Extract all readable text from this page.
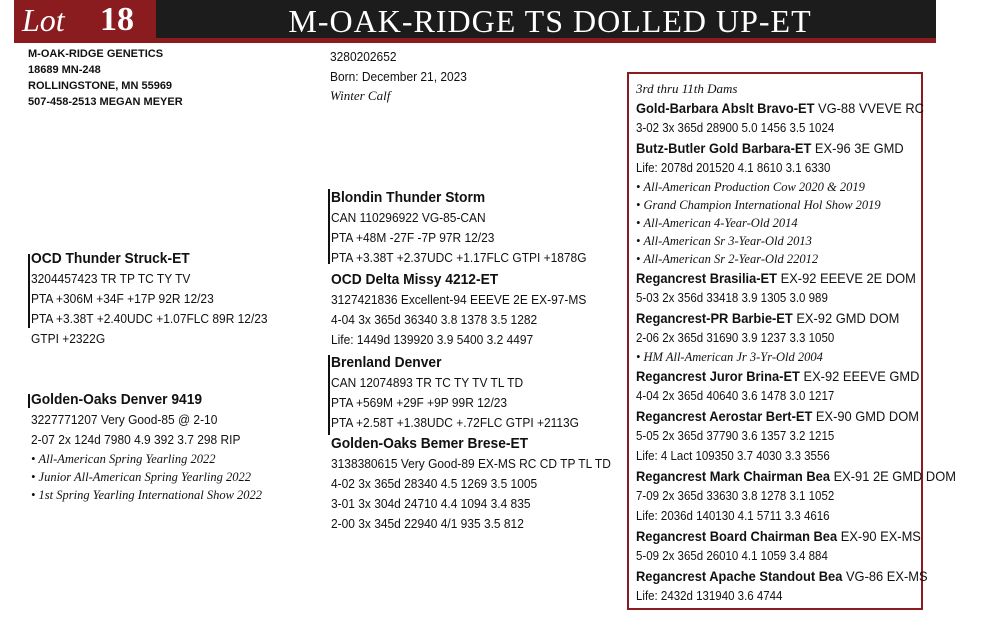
Lot 18	M-OAK-RIDGE TS DOLLED UP-ET
M-OAK-RIDGE GENETICS
18689 MN-248
ROLLINGSTONE, MN 55969
507-458-2513 MEGAN MEYER
3280202652
Born: December 21, 2023
Winter Calf
OCD Thunder Struck-ET
3204457423 TR TP TC TY TV
PTA +306M +34F +17P 92R 12/23
PTA +3.38T +2.40UDC +1.07FLC 89R 12/23
GTPI +2322G
Golden-Oaks Denver 9419
3227771207 Very Good-85 @ 2-10
2-07 2x 124d 7980 4.9 392 3.7 298 RIP
• All-American Spring Yearling 2022
• Junior All-American Spring Yearling 2022
• 1st Spring Yearling International Show 2022
Blondin Thunder Storm
CAN 110296922 VG-85-CAN
PTA +48M -27F -7P 97R 12/23
PTA +3.38T +2.37UDC +1.17FLC GTPI +1878G
OCD Delta Missy 4212-ET
3127421836 Excellent-94 EEEVE 2E EX-97-MS
4-04 3x 365d 36340 3.8 1378 3.5 1282
Life: 1449d 139920 3.9 5400 3.2 4497
Brenland Denver
CAN 12074893 TR TC TY TV TL TD
PTA +569M +29F +9P 99R 12/23
PTA +2.58T +1.38UDC +.72FLC GTPI +2113G
Golden-Oaks Bemer Brese-ET
3138380615 Very Good-89 EX-MS RC CD TP TL TD
4-02 3x 365d 28340 4.5 1269 3.5 1005
3-01 3x 304d 24710 4.4 1094 3.4 835
2-00 3x 345d 22940 4/1 935 3.5 812
3rd thru 11th Dams
Gold-Barbara Abslt Bravo-ET VG-88 VVEVE RC
3-02 3x 365d 28900 5.0 1456 3.5 1024
Butz-Butler Gold Barbara-ET EX-96 3E GMD
Life: 2078d 201520 4.1 8610 3.1 6330
• All-American Production Cow 2020 & 2019
• Grand Champion International Hol Show 2019
• All-American 4-Year-Old 2014
• All-American Sr 3-Year-Old 2013
• All-American Sr 2-Year-Old 22012
Regancrest Brasilia-ET EX-92 EEEVE 2E DOM
5-03 2x 356d 33418 3.9 1305 3.0 989
Regancrest-PR Barbie-ET EX-92 GMD DOM
2-06 2x 365d 31690 3.9 1237 3.3 1050
• HM All-American Jr 3-Yr-Old 2004
Regancrest Juror Brina-ET EX-92 EEEVE GMD
4-04 2x 365d 40640 3.6 1478 3.0 1217
Regancrest Aerostar Bert-ET EX-90 GMD DOM
5-05 2x 365d 37790 3.6 1357 3.2 1215
Life: 4 Lact 109350 3.7 4030 3.3 3556
Regancrest Mark Chairman Bea EX-91 2E GMD DOM
7-09 2x 365d 33630 3.8 1278 3.1 1052
Life: 2036d 140130 4.1 5711 3.3 4616
Regancrest Board Chairman Bea EX-90 EX-MS
5-09 2x 365d 26010 4.1 1059 3.4 884
Regancrest Apache Standout Bea VG-86 EX-MS
Life: 2432d 131940 3.6 4744
